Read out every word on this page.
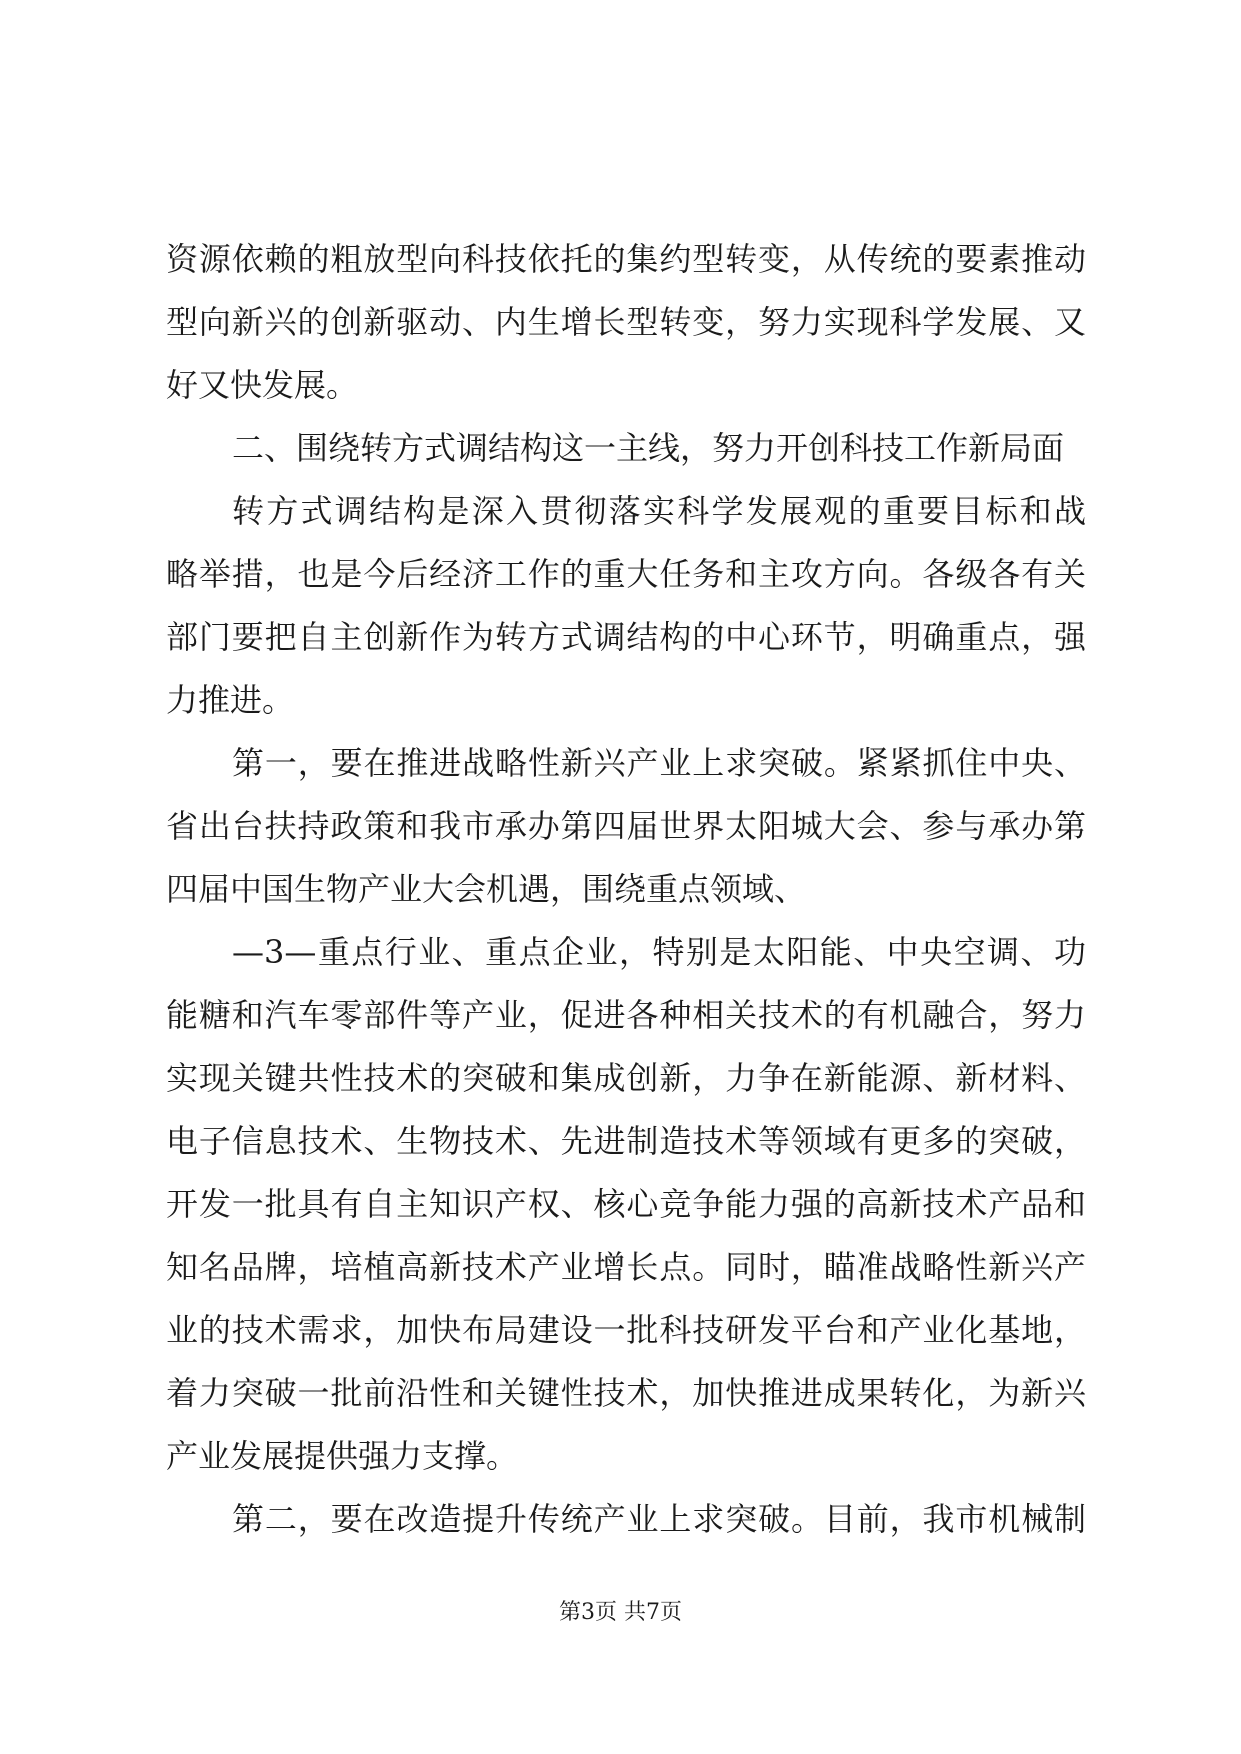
资源依赖的粗放型向科技依托的集约型转变，从传统的要素推动
型向新兴的创新驱动、内生增长型转变，努力实现科学发展、又
好又快发展。
二、围绕转方式调结构这一主线，努力开创科技工作新局面
转方式调结构是深入贯彻落实科学发展观的重要目标和战
略举措，也是今后经济工作的重大任务和主攻方向。各级各有关
部门要把自主创新作为转方式调结构的中心环节，明确重点，强
力推进。
第一，要在推进战略性新兴产业上求突破。紧紧抓住中央、
省出台扶持政策和我市承办第四届世界太阳城大会、参与承办第
四届中国生物产业大会机遇，围绕重点领域、
—3—重点行业、重点企业，特别是太阳能、中央空调、功
能糖和汽车零部件等产业，促进各种相关技术的有机融合，努力
实现关键共性技术的突破和集成创新，力争在新能源、新材料、
电子信息技术、生物技术、先进制造技术等领域有更多的突破，
开发一批具有自主知识产权、核心竞争能力强的高新技术产品和
知名品牌，培植高新技术产业增长点。同时，瞄准战略性新兴产
业的技术需求，加快布局建设一批科技研发平台和产业化基地，
着力突破一批前沿性和关键性技术，加快推进成果转化，为新兴
产业发展提供强力支撑。
第二，要在改造提升传统产业上求突破。目前，我市机械制
第3页 共7页
